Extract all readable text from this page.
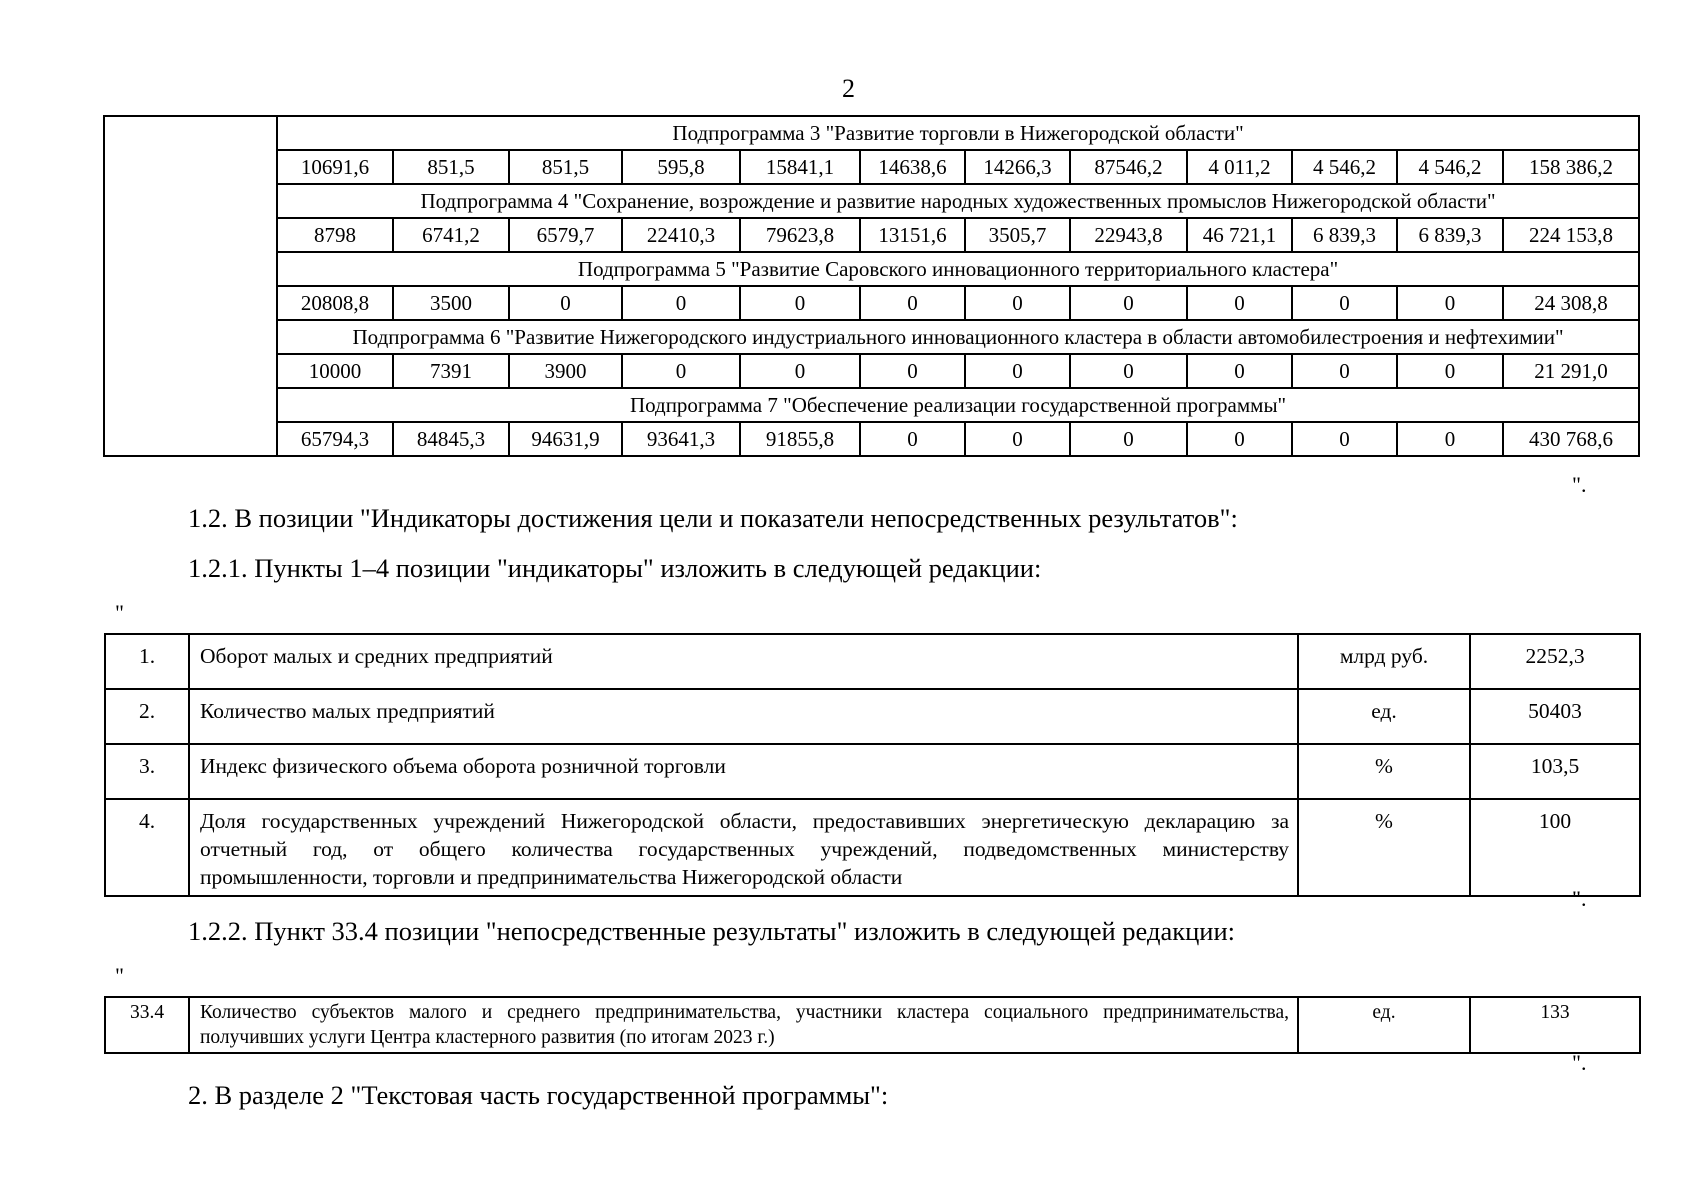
2
	Подпрограмма 3 "Развитие торговли в Нижегородской области"											
	10691,6	851,5	851,5	595,8	15841,1	14638,6	14266,3	87546,2	4 011,2	4 546,2	4 546,2	158 386,2
	Подпрограмма 4 "Сохранение, возрождение и развитие народных художественных промыслов Нижегородской области"											
	8798	6741,2	6579,7	22410,3	79623,8	13151,6	3505,7	22943,8	46 721,1	6 839,3	6 839,3	224 153,8
	Подпрограмма 5 "Развитие Саровского инновационного территориального кластера"											
	20808,8	3500	0	0	0	0	0	0	0	0	0	24 308,8
	Подпрограмма 6 "Развитие Нижегородского индустриального инновационного кластера в области автомобилестроения и нефтехимии"											
	10000	7391	3900	0	0	0	0	0	0	0	0	21 291,0
	Подпрограмма 7 "Обеспечение реализации государственной программы"											
	65794,3	84845,3	94631,9	93641,3	91855,8	0	0	0	0	0	0	430 768,6
".
1.2. В позиции "Индикаторы достижения цели и показатели непосредственных результатов":
1.2.1. Пункты 1–4 позиции "индикаторы" изложить в следующей редакции:
"
1.	Оборот малых и средних предприятий	млрд руб.	2252,3
2.	Количество малых предприятий	ед.	50403
3.	Индекс физического объема оборота розничной торговли	%	103,5
4.	Доля государственных учреждений Нижегородской области, предоставивших энергетическую декларацию за отчетный год, от общего количества государственных учреждений, подведомственных министерству промышленности, торговли и предпринимательства Нижегородской области	%	100
".
1.2.2. Пункт 33.4 позиции "непосредственные результаты" изложить в следующей редакции:
"
33.4	Количество субъектов малого и среднего предпринимательства, участники кластера социального предпринимательства, получивших услуги Центра кластерного развития (по итогам 2023 г.)	ед.	133
".
2. В разделе 2 "Текстовая часть государственной программы":
